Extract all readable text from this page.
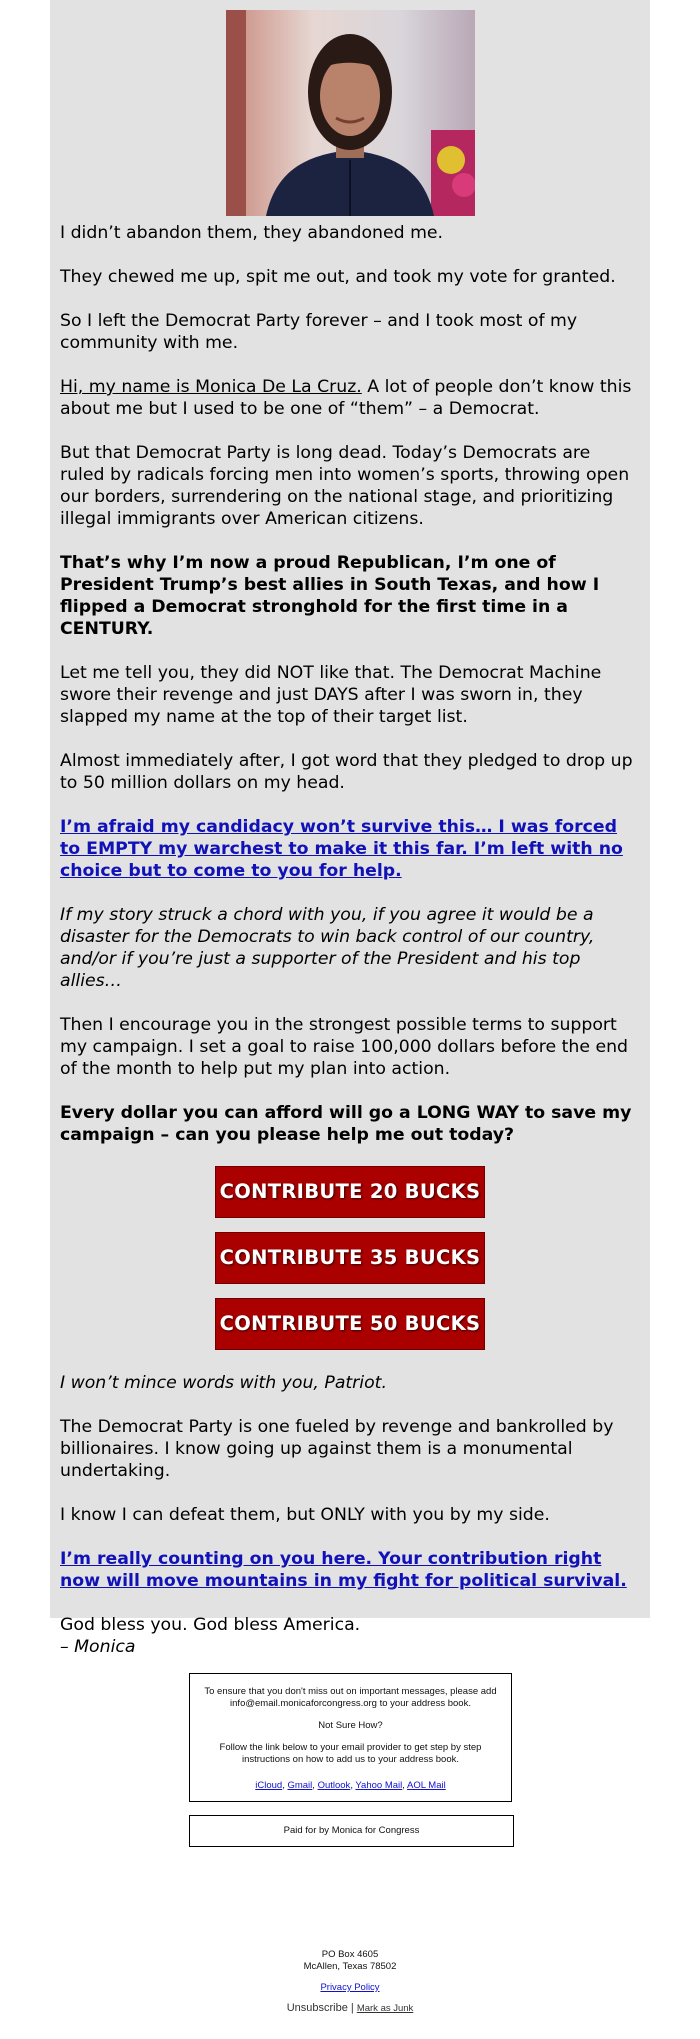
I didn’t abandon them, they abandoned me.

They chewed me up, spit me out, and took my vote for granted.

So I left the Democrat Party forever – and I took most of my community with me.

Hi, my name is Monica De La Cruz. A lot of people don’t know this about me but I used to be one of “them” – a Democrat.

But that Democrat Party is long dead. Today’s Democrats are ruled by radicals forcing men into women’s sports, throwing open our borders, surrendering on the national stage, and prioritizing illegal immigrants over American citizens.

That’s why I’m now a proud Republican, I’m one of President Trump’s best allies in South Texas, and how I flipped a Democrat stronghold for the first time in a CENTURY.

Let me tell you, they did NOT like that. The Democrat Machine swore their revenge and just DAYS after I was sworn in, they slapped my name at the top of their target list.

Almost immediately after, I got word that they pledged to drop up to 50 million dollars on my head.

I’m afraid my candidacy won’t survive this… I was forced to EMPTY my warchest to make it this far. I’m left with no choice but to come to you for help.

If my story struck a chord with you, if you agree it would be a disaster for the Democrats to win back control of our country, and/or if you’re just a supporter of the President and his top allies…

Then I encourage you in the strongest possible terms to support my campaign. I set a goal to raise 100,000 dollars before the end of the month to help put my plan into action.

Every dollar you can afford will go a LONG WAY to save my campaign – can you please help me out today?

CONTRIBUTE 20 BUCKS
CONTRIBUTE 35 BUCKS
CONTRIBUTE 50 BUCKS

I won’t mince words with you, Patriot.

The Democrat Party is one fueled by revenge and bankrolled by billionaires. I know going up against them is a monumental undertaking.

I know I can defeat them, but ONLY with you by my side.

I’m really counting on you here. Your contribution right now will move mountains in my fight for political survival.

God bless you. God bless America.
– Monica

To ensure that you don't miss out on important messages, please add info@email.monicaforcongress.org to your address book.

Not Sure How?

Follow the link below to your email provider to get step by step instructions on how to add us to your address book.

iCloud, Gmail, Outlook, Yahoo Mail, AOL Mail

Paid for by Monica for Congress
PO Box 4605
McAllen, Texas 78502
Privacy Policy
Unsubscribe | Mark as Junk
